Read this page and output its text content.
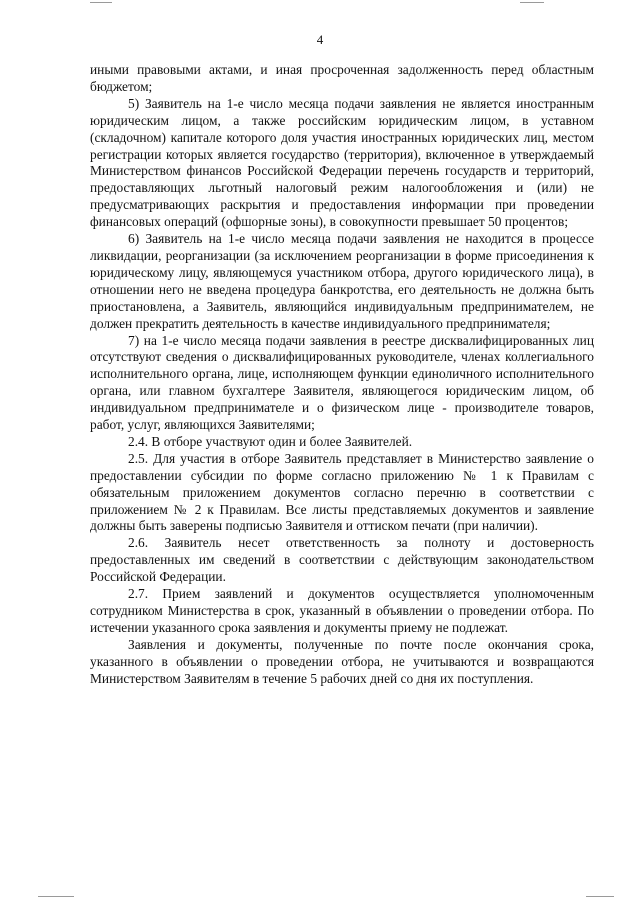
4

иными правовыми актами, и иная просроченная задолженность перед областным бюджетом;

5) Заявитель на 1-е число месяца подачи заявления не является иностранным юридическим лицом, а также российским юридическим лицом, в уставном (складочном) капитале которого доля участия иностранных юридических лиц, местом регистрации которых является государство (территория), включенное в утверждаемый Министерством финансов Российской Федерации перечень государств и территорий, предоставляющих льготный налоговый режим налогообложения и (или) не предусматривающих раскрытия и предоставления информации при проведении финансовых операций (офшорные зоны), в совокупности превышает 50 процентов;

6) Заявитель на 1-е число месяца подачи заявления не находится в процессе ликвидации, реорганизации (за исключением реорганизации в форме присоединения к юридическому лицу, являющемуся участником отбора, другого юридического лица), в отношении него не введена процедура банкротства, его деятельность не должна быть приостановлена, а Заявитель, являющийся индивидуальным предпринимателем, не должен прекратить деятельность в качестве индивидуального предпринимателя;

7) на 1-е число месяца подачи заявления в реестре дисквалифицированных лиц отсутствуют сведения о дисквалифицированных руководителе, членах коллегиального исполнительного органа, лице, исполняющем функции единоличного исполнительного органа, или главном бухгалтере Заявителя, являющегося юридическим лицом, об индивидуальном предпринимателе и о физическом лице - производителе товаров, работ, услуг, являющихся Заявителями;

2.4. В отборе участвуют один и более Заявителей.

2.5. Для участия в отборе Заявитель представляет в Министерство заявление о предоставлении субсидии по форме согласно приложению № 1 к Правилам с обязательным приложением документов согласно перечню в соответствии с приложением № 2 к Правилам. Все листы представляемых документов и заявление должны быть заверены подписью Заявителя и оттиском печати (при наличии).

2.6. Заявитель несет ответственность за полноту и достоверность предоставленных им сведений в соответствии с действующим законодательством Российской Федерации.

2.7. Прием заявлений и документов осуществляется уполномоченным сотрудником Министерства в срок, указанный в объявлении о проведении отбора. По истечении указанного срока заявления и документы приему не подлежат.

Заявления и документы, полученные по почте после окончания срока, указанного в объявлении о проведении отбора, не учитываются и возвращаются Министерством Заявителям в течение 5 рабочих дней со дня их поступления.
